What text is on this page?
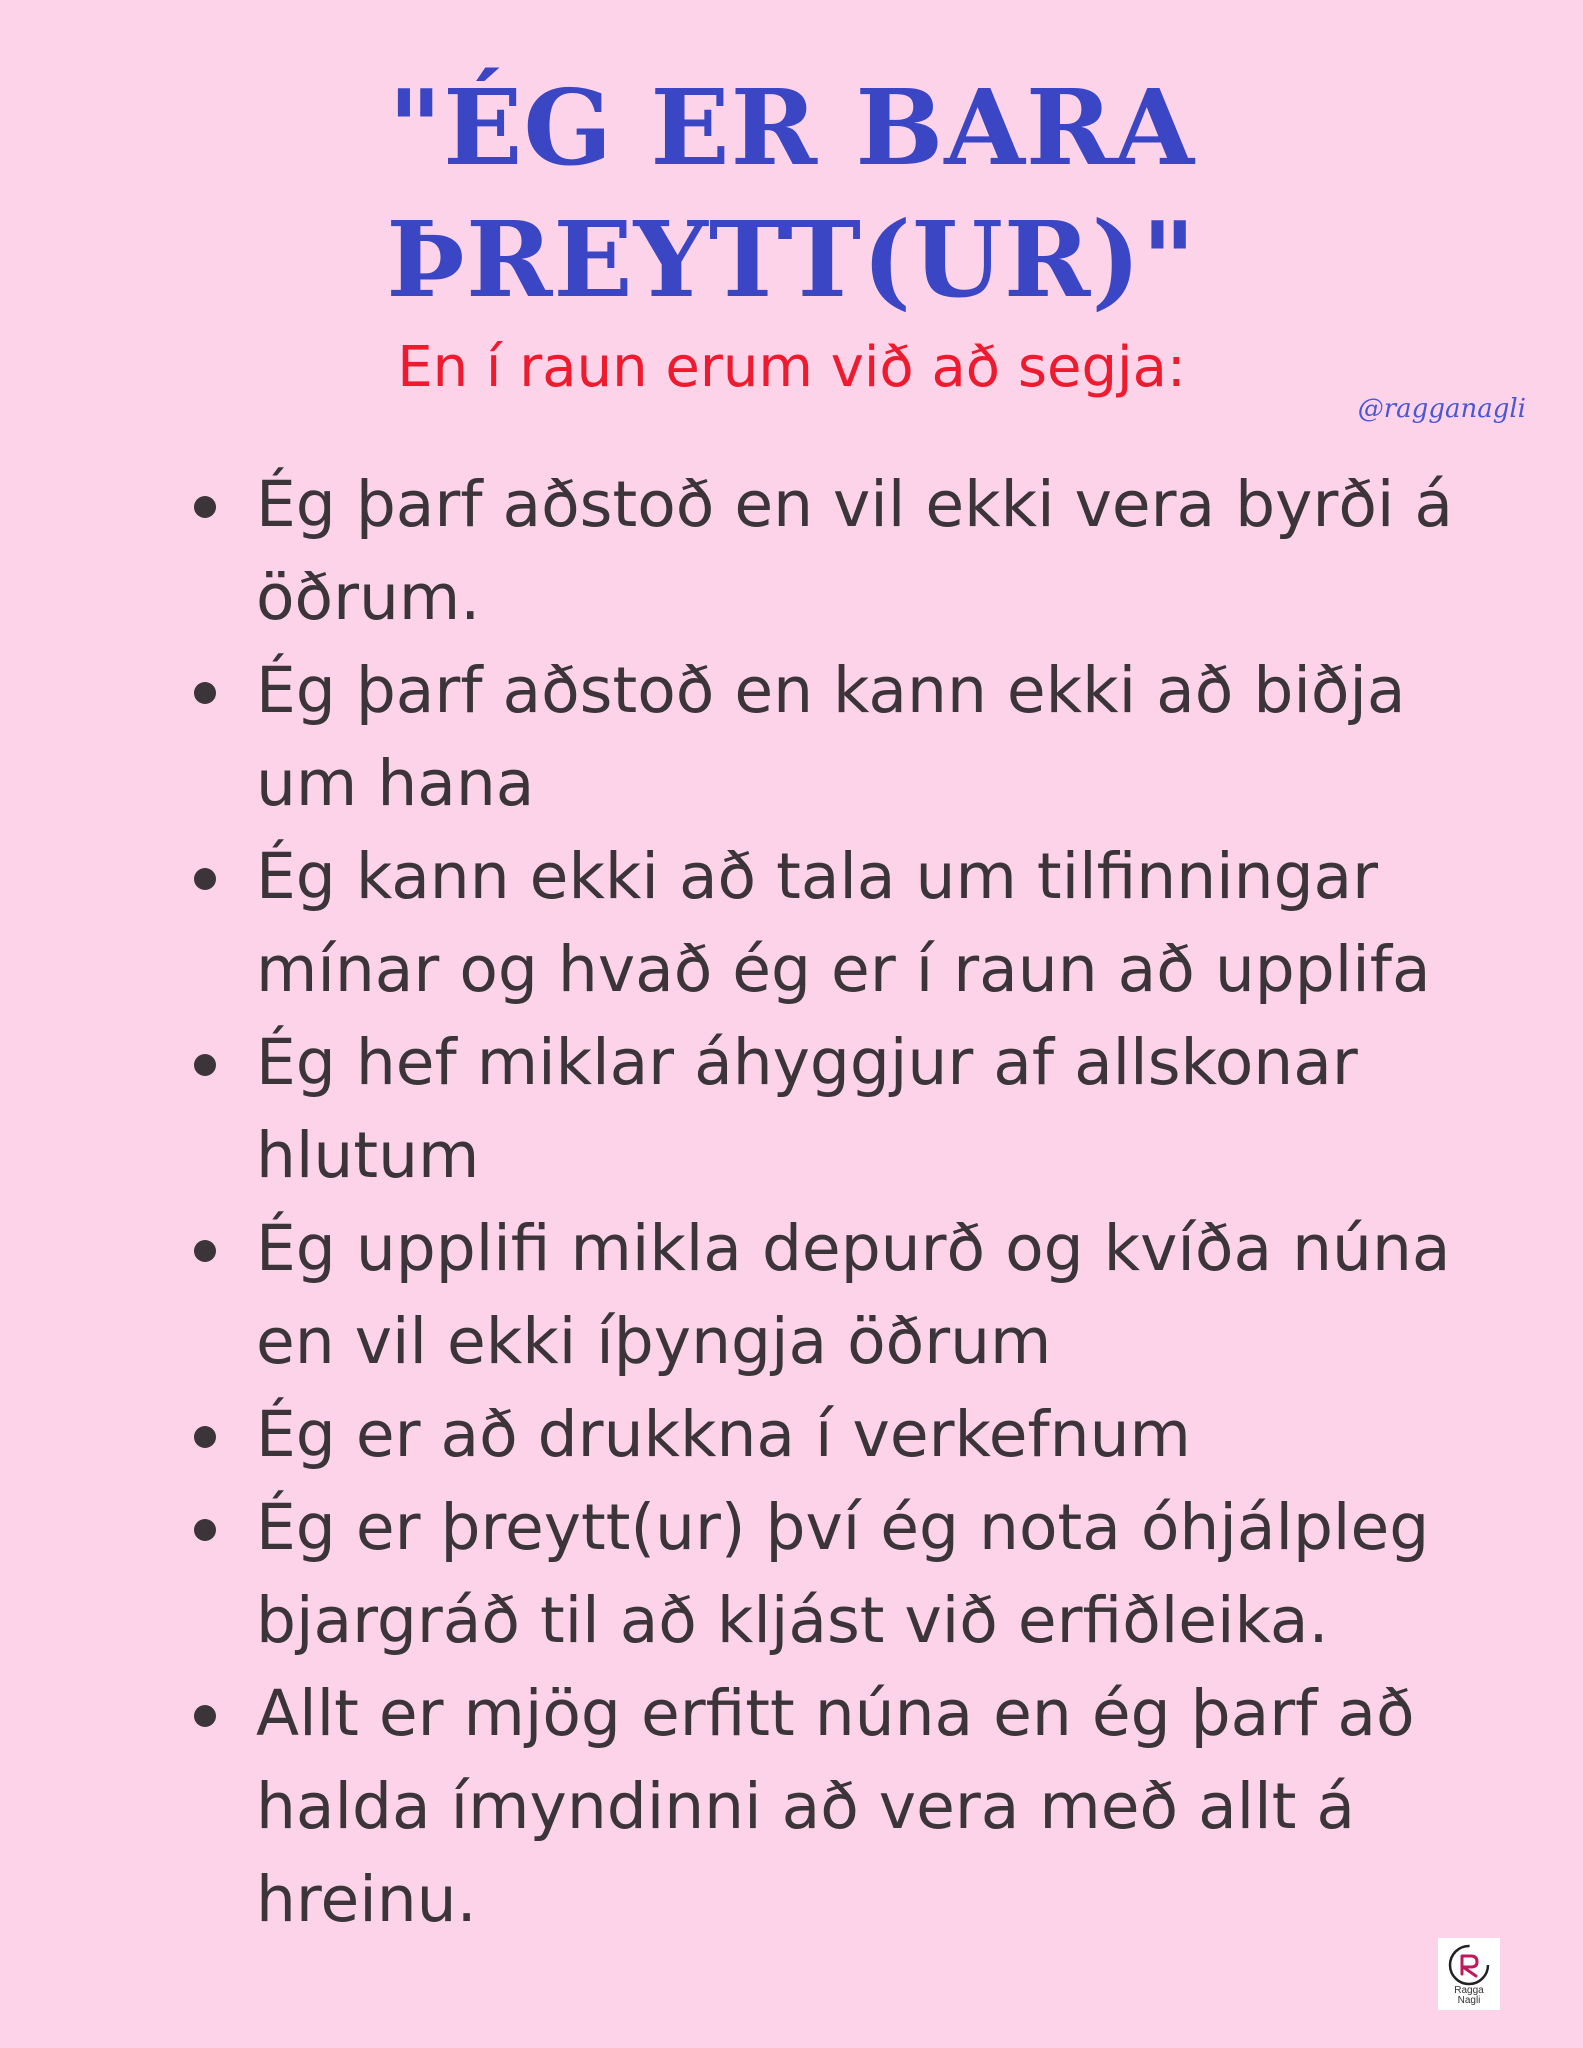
"ÉG ER BARA
ÞREYTT(UR)"

En í raun erum við að segja:

@ragganagli
Ég þarf aðstoð en vil ekki vera byrði á öðrum.
Ég þarf aðstoð en kann ekki að biðja um hana
Ég kann ekki að tala um tilfinningar mínar og hvað ég er í raun að upplifa
Ég hef miklar áhyggjur af allskonar hlutum
Ég upplifi mikla depurð og kvíða núna en vil ekki íþyngja öðrum
Ég er að drukkna í verkefnum
Ég er þreytt(ur) því ég nota óhjálpleg bjargráð til að kljást við erfiðleika.
Allt er mjög erfitt núna en ég þarf að halda ímyndinni að vera með allt á hreinu.
Ragga
Nagli
